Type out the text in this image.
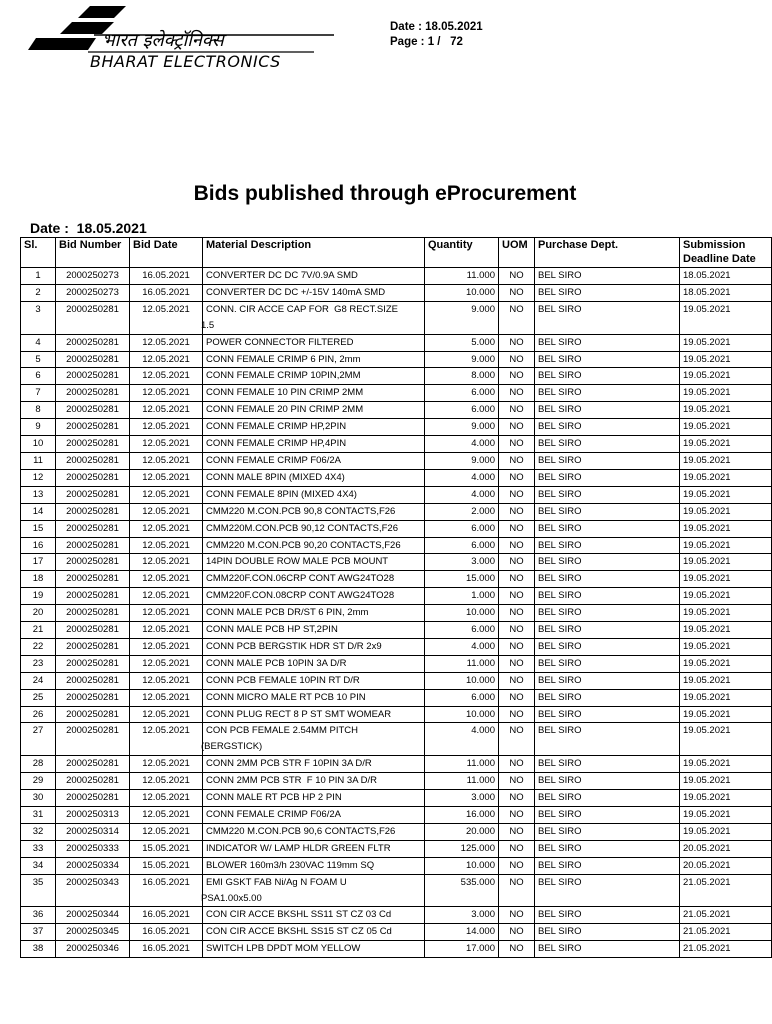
भारत इलेक्ट्रॉनिक्स
BHARAT ELECTRONICS
Date : 18.05.2021
Page : 1 /   72
Bids published through eProcurement
Date :  18.05.2021
Sl.	Bid Number	Bid Date	Material Description	Quantity	UOM	Purchase Dept.	Submission Deadline Date
1	2000250273	16.05.2021	CONVERTER DC DC 7V/0.9A SMD	11.000	NO	BEL SIRO	18.05.2021
2	2000250273	16.05.2021	CONVERTER DC DC +/-15V 140mA SMD	10.000	NO	BEL SIRO	18.05.2021
3	2000250281	12.05.2021	CONN. CIR ACCE CAP FOR  G8 RECT.SIZE
1.5	9.000	NO	BEL SIRO	19.05.2021
4	2000250281	12.05.2021	POWER CONNECTOR FILTERED	5.000	NO	BEL SIRO	19.05.2021
5	2000250281	12.05.2021	CONN FEMALE CRIMP 6 PIN, 2mm	9.000	NO	BEL SIRO	19.05.2021
6	2000250281	12.05.2021	CONN FEMALE CRIMP 10PIN,2MM	8.000	NO	BEL SIRO	19.05.2021
7	2000250281	12.05.2021	CONN FEMALE 10 PIN CRIMP 2MM	6.000	NO	BEL SIRO	19.05.2021
8	2000250281	12.05.2021	CONN FEMALE 20 PIN CRIMP 2MM	6.000	NO	BEL SIRO	19.05.2021
9	2000250281	12.05.2021	CONN FEMALE CRIMP HP,2PIN	9.000	NO	BEL SIRO	19.05.2021
10	2000250281	12.05.2021	CONN FEMALE CRIMP HP,4PIN	4.000	NO	BEL SIRO	19.05.2021
11	2000250281	12.05.2021	CONN FEMALE CRIMP F06/2A	9.000	NO	BEL SIRO	19.05.2021
12	2000250281	12.05.2021	CONN MALE 8PIN (MIXED 4X4)	4.000	NO	BEL SIRO	19.05.2021
13	2000250281	12.05.2021	CONN FEMALE 8PIN (MIXED 4X4)	4.000	NO	BEL SIRO	19.05.2021
14	2000250281	12.05.2021	CMM220 M.CON.PCB 90,8 CONTACTS,F26	2.000	NO	BEL SIRO	19.05.2021
15	2000250281	12.05.2021	CMM220M.CON.PCB 90,12 CONTACTS,F26	6.000	NO	BEL SIRO	19.05.2021
16	2000250281	12.05.2021	CMM220 M.CON.PCB 90,20 CONTACTS,F26	6.000	NO	BEL SIRO	19.05.2021
17	2000250281	12.05.2021	14PIN DOUBLE ROW MALE PCB MOUNT	3.000	NO	BEL SIRO	19.05.2021
18	2000250281	12.05.2021	CMM220F.CON.06CRP CONT AWG24TO28	15.000	NO	BEL SIRO	19.05.2021
19	2000250281	12.05.2021	CMM220F.CON.08CRP CONT AWG24TO28	1.000	NO	BEL SIRO	19.05.2021
20	2000250281	12.05.2021	CONN MALE PCB DR/ST 6 PIN, 2mm	10.000	NO	BEL SIRO	19.05.2021
21	2000250281	12.05.2021	CONN MALE PCB HP ST,2PIN	6.000	NO	BEL SIRO	19.05.2021
22	2000250281	12.05.2021	CONN PCB BERGSTIK HDR ST D/R 2x9	4.000	NO	BEL SIRO	19.05.2021
23	2000250281	12.05.2021	CONN MALE PCB 10PIN 3A D/R	11.000	NO	BEL SIRO	19.05.2021
24	2000250281	12.05.2021	CONN PCB FEMALE 10PIN RT D/R	10.000	NO	BEL SIRO	19.05.2021
25	2000250281	12.05.2021	CONN MICRO MALE RT PCB 10 PIN	6.000	NO	BEL SIRO	19.05.2021
26	2000250281	12.05.2021	CONN PLUG RECT 8 P ST SMT WOMEAR	10.000	NO	BEL SIRO	19.05.2021
27	2000250281	12.05.2021	CON PCB FEMALE 2.54MM PITCH
(BERGSTICK)	4.000	NO	BEL SIRO	19.05.2021
28	2000250281	12.05.2021	CONN 2MM PCB STR F 10PIN 3A D/R	11.000	NO	BEL SIRO	19.05.2021
29	2000250281	12.05.2021	CONN 2MM PCB STR  F 10 PIN 3A D/R	11.000	NO	BEL SIRO	19.05.2021
30	2000250281	12.05.2021	CONN MALE RT PCB HP 2 PIN	3.000	NO	BEL SIRO	19.05.2021
31	2000250313	12.05.2021	CONN FEMALE CRIMP F06/2A	16.000	NO	BEL SIRO	19.05.2021
32	2000250314	12.05.2021	CMM220 M.CON.PCB 90,6 CONTACTS,F26	20.000	NO	BEL SIRO	19.05.2021
33	2000250333	15.05.2021	INDICATOR W/ LAMP HLDR GREEN FLTR	125.000	NO	BEL SIRO	20.05.2021
34	2000250334	15.05.2021	BLOWER 160m3/h 230VAC 119mm SQ	10.000	NO	BEL SIRO	20.05.2021
35	2000250343	16.05.2021	EMI GSKT FAB Ni/Ag N FOAM U
PSA1.00x5.00	535.000	NO	BEL SIRO	21.05.2021
36	2000250344	16.05.2021	CON CIR ACCE BKSHL SS11 ST CZ 03 Cd	3.000	NO	BEL SIRO	21.05.2021
37	2000250345	16.05.2021	CON CIR ACCE BKSHL SS15 ST CZ 05 Cd	14.000	NO	BEL SIRO	21.05.2021
38	2000250346	16.05.2021	SWITCH LPB DPDT MOM YELLOW	17.000	NO	BEL SIRO	21.05.2021
